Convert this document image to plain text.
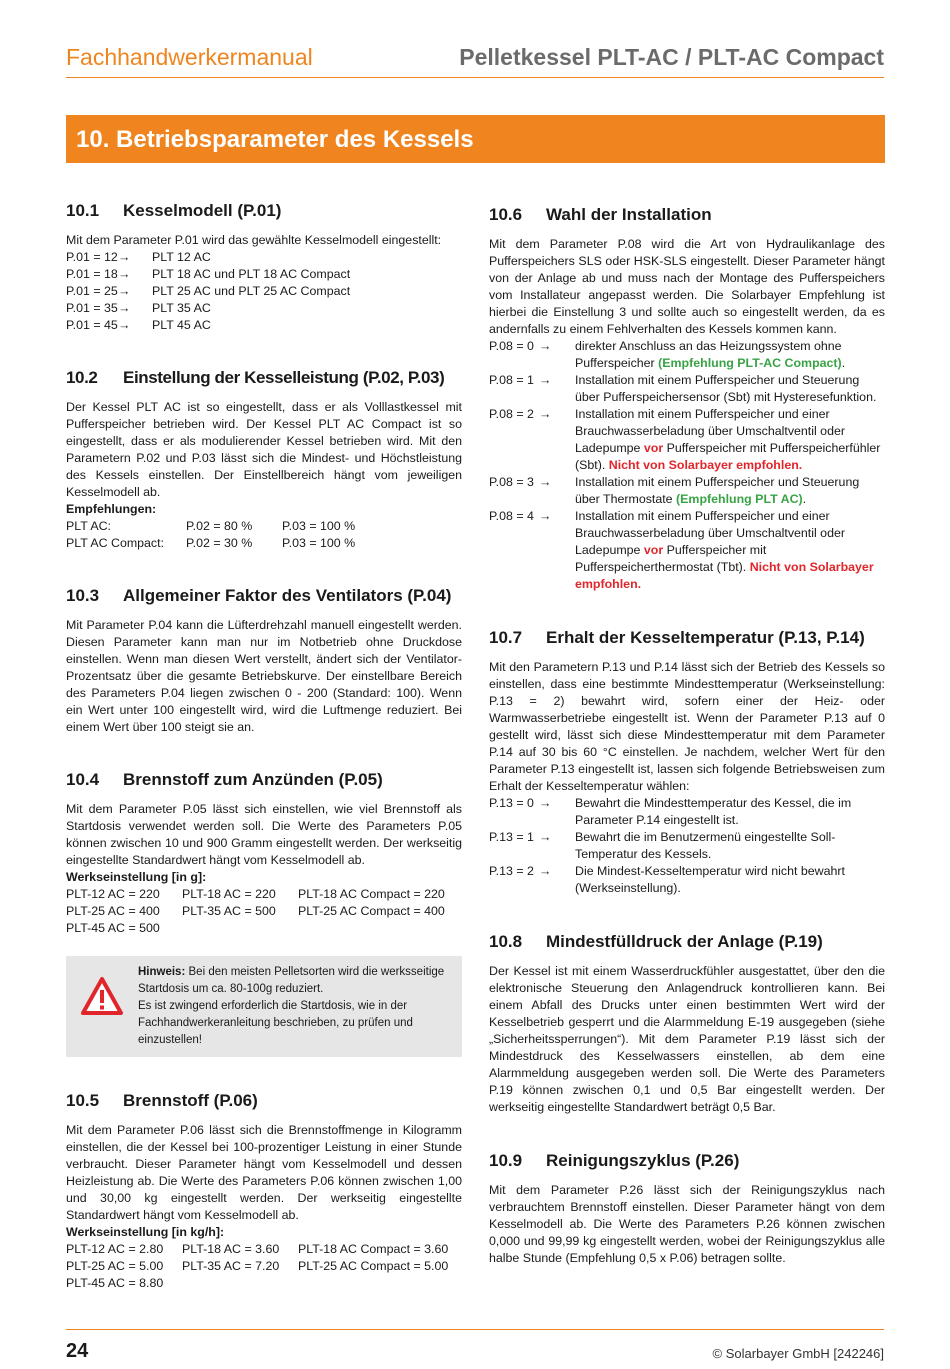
Fachhandwerkermanual	Pelletkessel PLT-AC / PLT-AC Compact
10. Betriebsparameter des Kessels
10.1 Kesselmodell (P.01)

Mit dem Parameter P.01 wird das gewählte Kesselmodell eingestellt:

P.01 = 12 →	PLT 12 AC
P.01 = 18 →	PLT 18 AC und PLT 18 AC Compact
P.01 = 25 →	PLT 25 AC und PLT 25 AC Compact
P.01 = 35 →	PLT 35 AC
P.01 = 45 →	PLT 45 AC
10.2 Einstellung der Kesselleistung (P.02, P.03)

Der Kessel PLT AC ist so eingestellt, dass er als Volllastkessel mit Pufferspeicher betrieben wird. Der Kessel PLT AC Compact ist so eingestellt, dass er als modulierender Kessel betrieben wird. Mit den Parametern P.02 und P.03 lässt sich die Mindest- und Höchstleistung des Kessels einstellen. Der Einstellbereich hängt vom jeweiligen Kesselmodell ab.

Empfehlungen:
PLT AC:	P.02 = 80 %	P.03 = 100 %
PLT AC Compact:	P.02 = 30 %	P.03 = 100 %
10.3 Allgemeiner Faktor des Ventilators (P.04)

Mit Parameter P.04 kann die Lüfterdrehzahl manuell eingestellt werden. Diesen Parameter kann man nur im Notbetrieb ohne Druckdose einstellen. Wenn man diesen Wert verstellt, ändert sich der Ventilator-Prozentsatz über die gesamte Betriebskurve. Der einstellbare Bereich des Parameters P.04 liegen zwischen 0 - 200 (Standard: 100). Wenn ein Wert unter 100 eingestellt wird, wird die Luftmenge reduziert. Bei einem Wert über 100 steigt sie an.

10.4 Brennstoff zum Anzünden (P.05)

Mit dem Parameter P.05 lässt sich einstellen, wie viel Brennstoff als Startdosis verwendet werden soll. Die Werte des Parameters P.05 können zwischen 10 und 900 Gramm eingestellt werden. Der werkseitig eingestellte Standardwert hängt vom Kesselmodell ab.

Werkseinstellung [in g]:
PLT-12 AC = 220	PLT-18 AC = 220	PLT-18 AC Compact = 220
PLT-25 AC = 400	PLT-35 AC = 500	PLT-25 AC Compact = 400
PLT-45 AC = 500
Hinweis: Bei den meisten Pelletsorten wird die werksseitige Startdosis um ca. 80-100g reduziert.
Es ist zwingend erforderlich die Startdosis, wie in der Fachhandwerkeranleitung beschrieben, zu prüfen und einzustellen!
10.5 Brennstoff (P.06)

Mit dem Parameter P.06 lässt sich die Brennstoffmenge in Kilogramm einstellen, die der Kessel bei 100-prozentiger Leistung in einer Stunde verbraucht. Dieser Parameter hängt vom Kesselmodell und dessen Heizleistung ab. Die Werte des Parameters P.06 können zwischen 1,00 und 30,00 kg eingestellt werden. Der werkseitig eingestellte Standardwert hängt vom Kesselmodell ab.

Werkseinstellung [in kg/h]:
PLT-12 AC = 2.80	PLT-18 AC = 3.60	PLT-18 AC Compact = 3.60
PLT-25 AC = 5.00	PLT-35 AC = 7.20	PLT-25 AC Compact = 5.00
PLT-45 AC = 8.80
10.6 Wahl der Installation

Mit dem Parameter P.08 wird die Art von Hydraulikanlage des Pufferspeichers SLS oder HSK-SLS eingestellt. Dieser Parameter hängt von der Anlage ab und muss nach der Montage des Pufferspeichers vom Installateur angepasst werden. Die Solarbayer Empfehlung ist hierbei die Einstellung 3 und sollte auch so eingestellt werden, da es andernfalls zu einem Fehlverhalten des Kessels kommen kann.

P.08 = 0 →	direkter Anschluss an das Heizungssystem ohne Pufferspeicher (Empfehlung PLT-AC Compact).
P.08 = 1 →	Installation mit einem Pufferspeicher und Steuerung über Pufferspeichersensor (Sbt) mit Hysteresefunktion.
P.08 = 2 →	Installation mit einem Pufferspeicher und einer Brauchwasserbeladung über Umschaltventil oder Ladepumpe vor Pufferspeicher mit Pufferspeicherfühler (Sbt). Nicht von Solarbayer empfohlen.
P.08 = 3 →	Installation mit einem Pufferspeicher und Steuerung über Thermostate (Empfehlung PLT AC).
P.08 = 4 →	Installation mit einem Pufferspeicher und einer Brauchwasserbeladung über Umschaltventil oder Ladepumpe vor Pufferspeicher mit Pufferspeicherthermostat (Tbt). Nicht von Solarbayer empfohlen.
10.7 Erhalt der Kesseltemperatur (P.13, P.14)

Mit den Parametern P.13 und P.14 lässt sich der Betrieb des Kessels so einstellen, dass eine bestimmte Mindesttemperatur (Werkseinstellung: P.13 = 2) bewahrt wird, sofern einer der Heiz- oder Warmwasserbetriebe eingestellt ist. Wenn der Parameter P.13 auf 0 gestellt wird, lässt sich diese Mindesttemperatur mit dem Parameter P.14 auf 30 bis 60 °C einstellen. Je nachdem, welcher Wert für den Parameter P.13 eingestellt ist, lassen sich folgende Betriebsweisen zum Erhalt der Kesseltemperatur wählen:

P.13 = 0 →	Bewahrt die Mindesttemperatur des Kessel, die im Parameter P.14 eingestellt ist.
P.13 = 1 →	Bewahrt die im Benutzermenü eingestellte Soll-Temperatur des Kessels.
P.13 = 2 →	Die Mindest-Kesseltemperatur wird nicht bewahrt (Werkseinstellung).
10.8 Mindestfülldruck der Anlage (P.19)

Der Kessel ist mit einem Wasserdruckfühler ausgestattet, über den die elektronische Steuerung den Anlagendruck kontrollieren kann. Bei einem Abfall des Drucks unter einen bestimmten Wert wird der Kesselbetrieb gesperrt und die Alarmmeldung E-19 ausgegeben (siehe „Sicherheitssperrungen“). Mit dem Parameter P.19 lässt sich der Mindestdruck des Kesselwassers einstellen, ab dem eine Alarmmeldung ausgegeben werden soll. Die Werte des Parameters P.19 können zwischen 0,1 und 0,5 Bar eingestellt werden. Der werkseitig eingestellte Standardwert beträgt 0,5 Bar.

10.9 Reinigungszyklus (P.26)

Mit dem Parameter P.26 lässt sich der Reinigungszyklus nach verbrauchtem Brennstoff einstellen. Dieser Parameter hängt von dem Kesselmodell ab. Die Werte des Parameters P.26 können zwischen 0,000 und 99,99 kg eingestellt werden, wobei der Reinigungszyklus alle halbe Stunde (Empfehlung 0,5 x P.06) betragen sollte.

24	© Solarbayer GmbH [242246]
